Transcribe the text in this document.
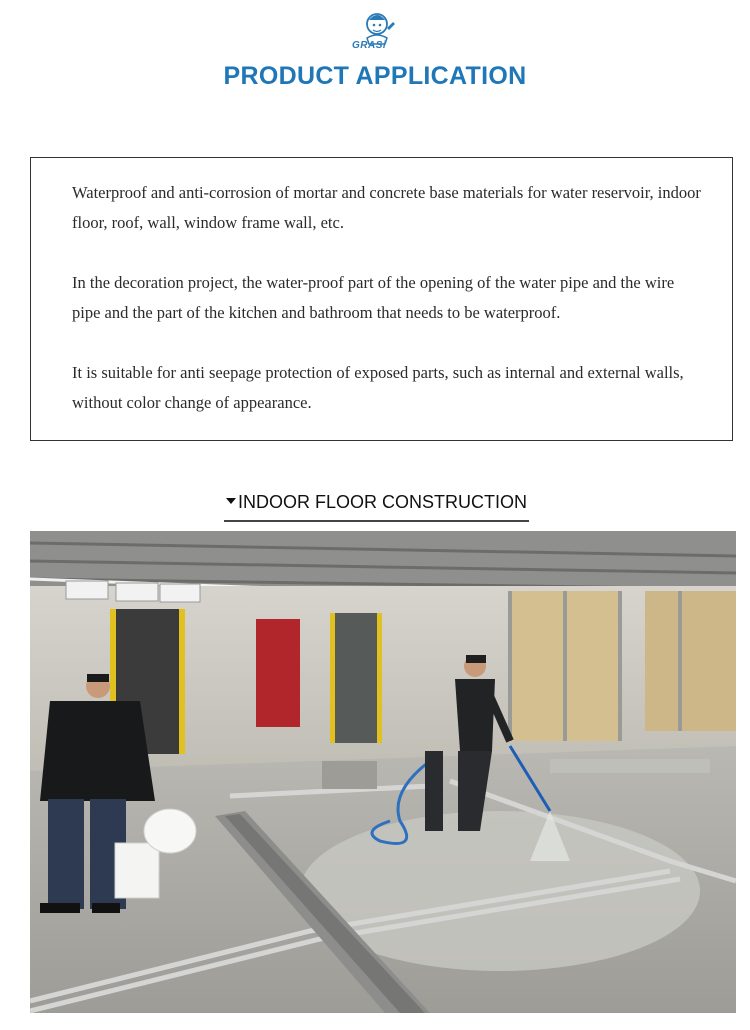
GRASi
PRODUCT APPLICATION

Waterproof and anti-corrosion of mortar and concrete base materials for water reservoir, indoor floor, roof, wall, window frame wall, etc.

In the decoration project, the water-proof part of the opening of the water pipe and the wire pipe and the part of the kitchen and bathroom that needs to be waterproof.

It is suitable for anti seepage protection of exposed parts, such as internal and external walls, without color change of appearance.

INDOOR FLOOR CONSTRUCTION
